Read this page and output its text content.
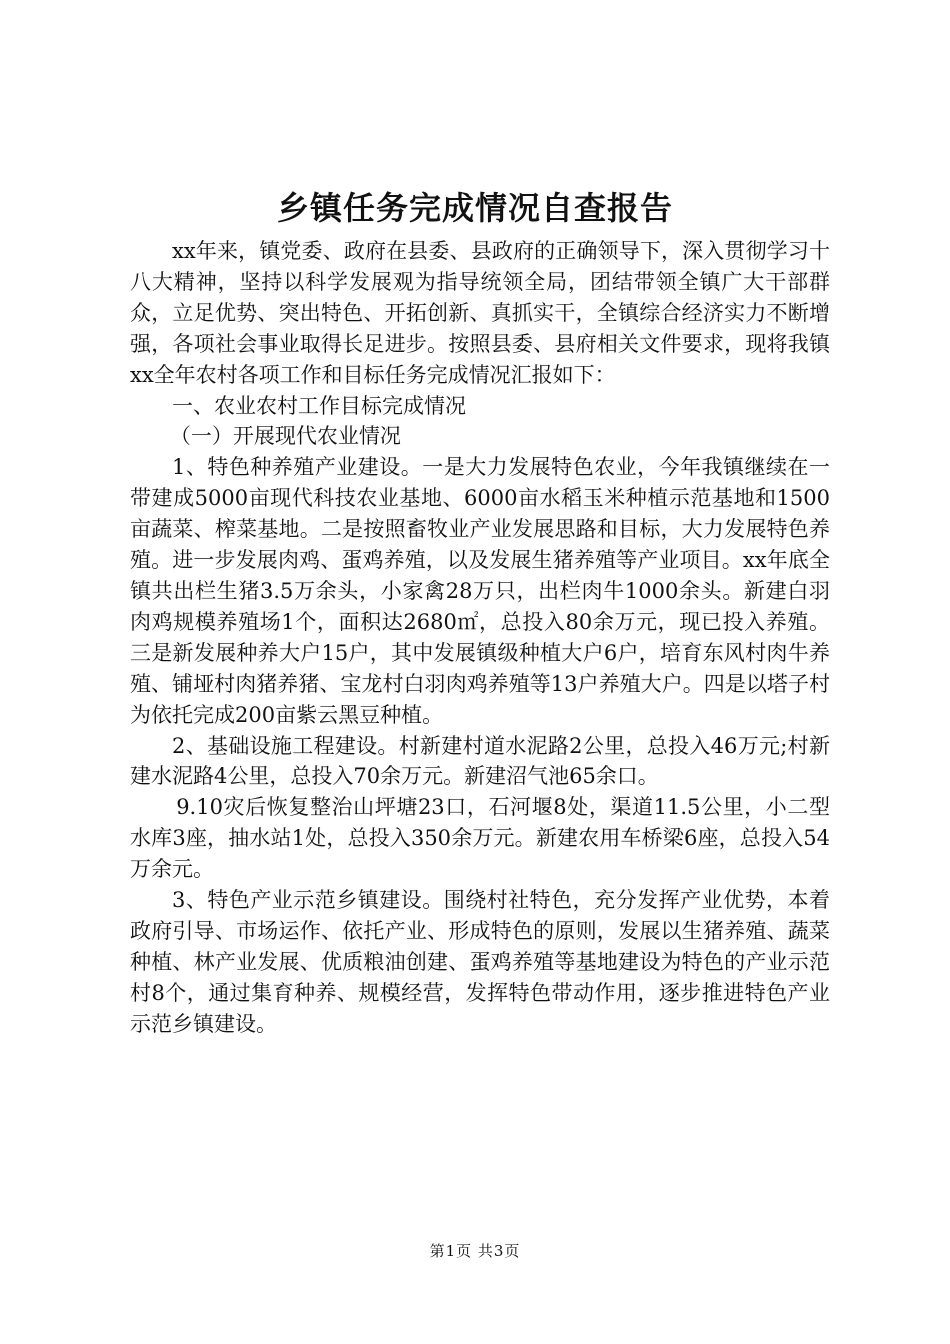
乡镇任务完成情况自查报告

xx年来，镇党委、政府在县委、县政府的正确领导下，深入贯彻学习十八大精神，坚持以科学发展观为指导统领全局，团结带领全镇广大干部群众，立足优势、突出特色、开拓创新、真抓实干，全镇综合经济实力不断增强，各项社会事业取得长足进步。按照县委、县府相关文件要求，现将我镇xx全年农村各项工作和目标任务完成情况汇报如下：

一、农业农村工作目标完成情况

（一）开展现代农业情况

1、特色种养殖产业建设。一是大力发展特色农业，今年我镇继续在一带建成5000亩现代科技农业基地、6000亩水稻玉米种植示范基地和1500亩蔬菜、榨菜基地。二是按照畜牧业产业发展思路和目标，大力发展特色养殖。进一步发展肉鸡、蛋鸡养殖，以及发展生猪养殖等产业项目。xx年底全镇共出栏生猪3.5万余头，小家禽28万只，出栏肉牛1000余头。新建白羽肉鸡规模养殖场1个，面积达2680㎡，总投入80余万元，现已投入养殖。三是新发展种养大户15户，其中发展镇级种植大户6户，培育东风村肉牛养殖、铺垭村肉猪养猪、宝龙村白羽肉鸡养殖等13户养殖大户。四是以塔子村为依托完成200亩紫云黑豆种植。

2、基础设施工程建设。村新建村道水泥路2公里，总投入46万元;村新建水泥路4公里，总投入70余万元。新建沼气池65余口。

9.10灾后恢复整治山坪塘23口，石河堰8处，渠道11.5公里，小二型水库3座，抽水站1处，总投入350余万元。新建农用车桥梁6座，总投入54万余元。

3、特色产业示范乡镇建设。围绕村社特色，充分发挥产业优势，本着政府引导、市场运作、依托产业、形成特色的原则，发展以生猪养殖、蔬菜种植、林产业发展、优质粮油创建、蛋鸡养殖等基地建设为特色的产业示范村8个，通过集育种养、规模经营，发挥特色带动作用，逐步推进特色产业示范乡镇建设。

第1页 共3页
